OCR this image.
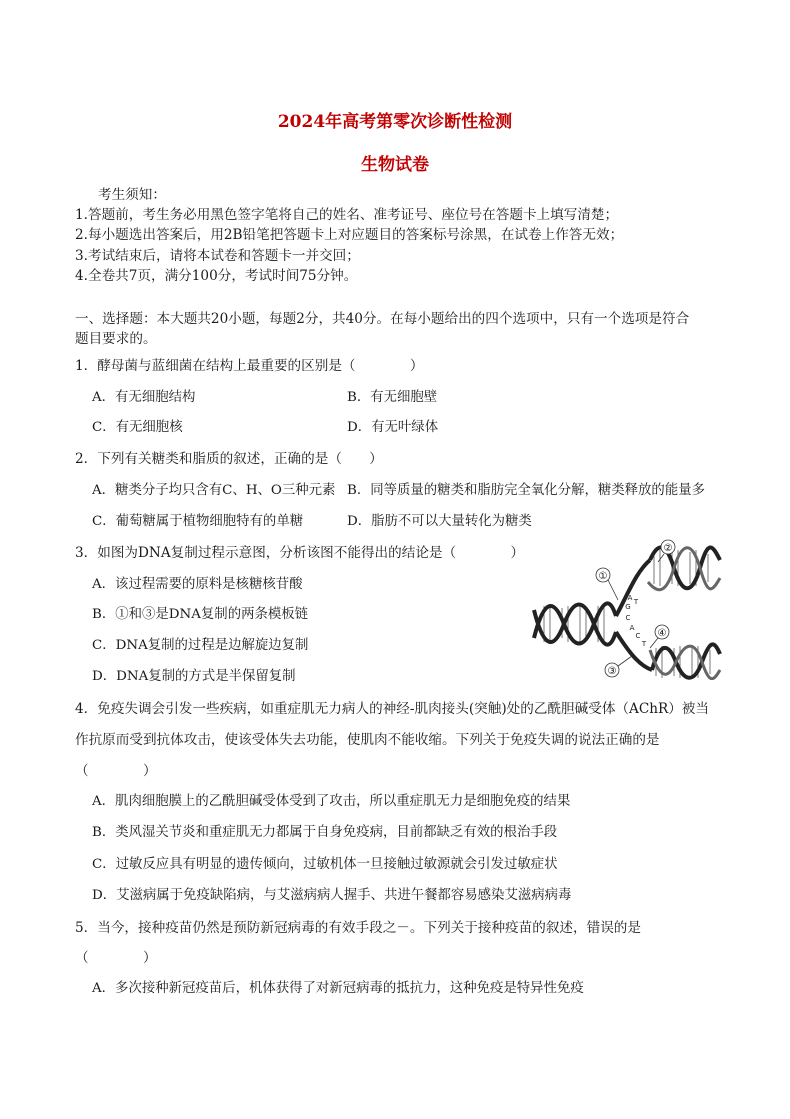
2024年高考第零次诊断性检测
生物试卷
考生须知：
1.答题前，考生务必用黑色签字笔将自己的姓名、准考证号、座位号在答题卡上填写清楚；
2.每小题选出答案后，用2B铅笔把答题卡上对应题目的答案标号涂黑，在试卷上作答无效；
3.考试结束后，请将本试卷和答题卡一并交回；
4.全卷共7页，满分100分，考试时间75分钟。
一、选择题：本大题共20小题，每题2分，共40分。在每小题给出的四个选项中，只有一个选项是符合
题目要求的。
1．酵母菌与蓝细菌在结构上最重要的区别是（　　　　）
A．有无细胞结构	B．有无细胞壁
C．有无细胞核	D．有无叶绿体
2．下列有关糖类和脂质的叙述，正确的是（　　）
A．糖类分子均只含有C、H、O三种元素 B．同等质量的糖类和脂肪完全氧化分解，糖类释放的能量多
C．葡萄糖属于植物细胞特有的单糖	D．脂肪不可以大量转化为糖类
3．如图为DNA复制过程示意图，分析该图不能得出的结论是（　　　　）
A．该过程需要的原料是核糖核苷酸
B．①和③是DNA复制的两条模板链
C．DNA复制的过程是边解旋边复制
D．DNA复制的方式是半保留复制
①
②
③
④
A
G
T
C
A
C
T
4．免疫失调会引发一些疾病，如重症肌无力病人的神经-肌肉接头(突触)处的乙酰胆碱受体（AChR）被当
作抗原而受到抗体攻击，使该受体失去功能，使肌肉不能收缩。下列关于免疫失调的说法正确的是
（　　　　）
A．肌肉细胞膜上的乙酰胆碱受体受到了攻击，所以重症肌无力是细胞免疫的结果
B．类风湿关节炎和重症肌无力都属于自身免疫病，目前都缺乏有效的根治手段
C．过敏反应具有明显的遗传倾向，过敏机体一旦接触过敏源就会引发过敏症状
D．艾滋病属于免疫缺陷病，与艾滋病病人握手、共进午餐都容易感染艾滋病病毒
5．当今，接种疫苗仍然是预防新冠病毒的有效手段之－。下列关于接种疫苗的叙述，错误的是
（　　　　）
A．多次接种新冠疫苗后，机体获得了对新冠病毒的抵抗力，这种免疫是特异性免疫
